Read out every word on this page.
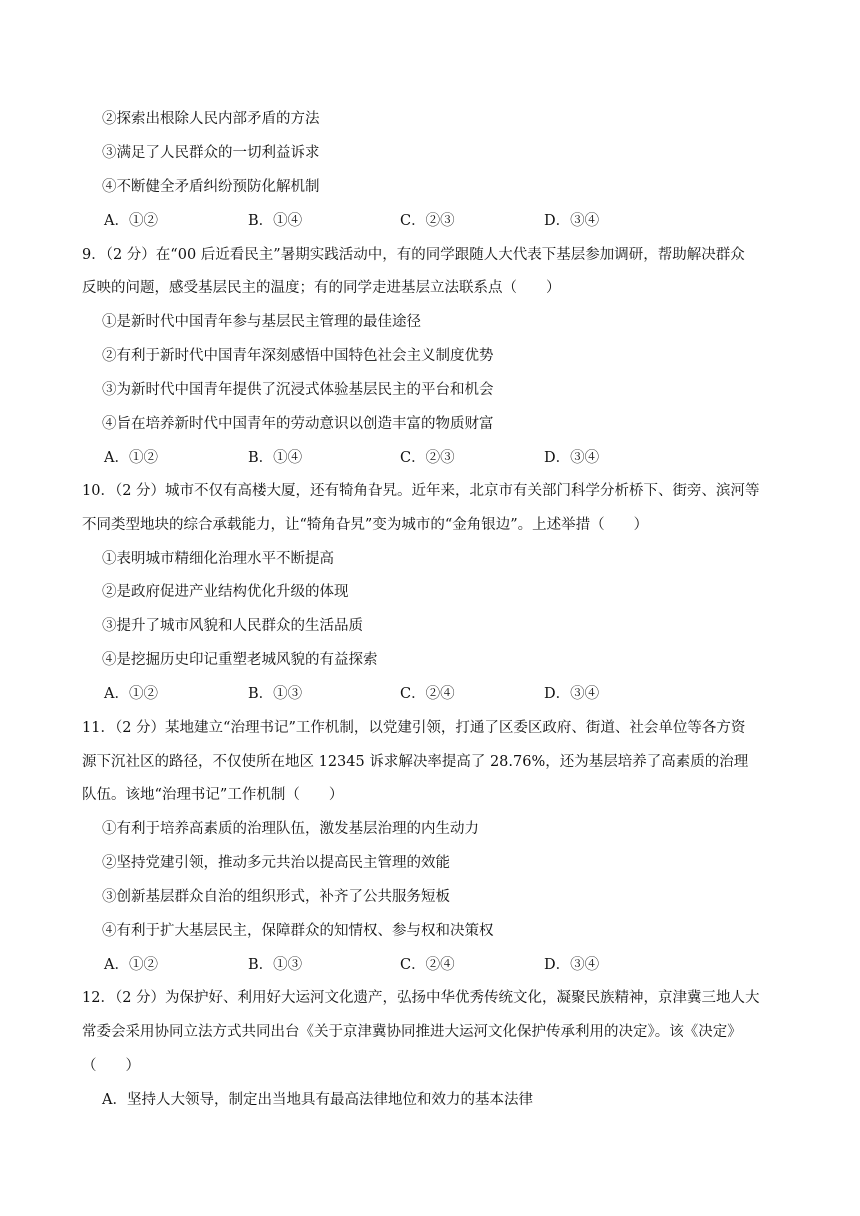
②探索出根除人民内部矛盾的方法
③满足了人民群众的一切利益诉求
④不断健全矛盾纠纷预防化解机制
A．①②	B．①④	C．②③	D．③④
9．（2 分）在“00 后近看民主”暑期实践活动中，有的同学跟随人大代表下基层参加调研，帮助解决群众
反映的问题，感受基层民主的温度；有的同学走进基层立法联系点（　　）
①是新时代中国青年参与基层民主管理的最佳途径
②有利于新时代中国青年深刻感悟中国特色社会主义制度优势
③为新时代中国青年提供了沉浸式体验基层民主的平台和机会
④旨在培养新时代中国青年的劳动意识以创造丰富的物质财富
A．①②	B．①④	C．②③	D．③④
10．（2 分）城市不仅有高楼大厦，还有犄角旮旯。近年来，北京市有关部门科学分析桥下、街旁、滨河等
不同类型地块的综合承载能力，让“犄角旮旯”变为城市的“金角银边”。上述举措（　　）
①表明城市精细化治理水平不断提高
②是政府促进产业结构优化升级的体现
③提升了城市风貌和人民群众的生活品质
④是挖掘历史印记重塑老城风貌的有益探索
A．①②	B．①③	C．②④	D．③④
11．（2 分）某地建立“治理书记”工作机制，以党建引领，打通了区委区政府、街道、社会单位等各方资
源下沉社区的路径，不仅使所在地区 12345 诉求解决率提高了 28.76%，还为基层培养了高素质的治理
队伍。该地“治理书记”工作机制（　　）
①有利于培养高素质的治理队伍，激发基层治理的内生动力
②坚持党建引领，推动多元共治以提高民主管理的效能
③创新基层群众自治的组织形式，补齐了公共服务短板
④有利于扩大基层民主，保障群众的知情权、参与权和决策权
A．①②	B．①③	C．②④	D．③④
12．（2 分）为保护好、利用好大运河文化遗产，弘扬中华优秀传统文化，凝聚民族精神，京津冀三地人大
常委会采用协同立法方式共同出台《关于京津冀协同推进大运河文化保护传承利用的决定》。该《决定》
（　　）
A．坚持人大领导，制定出当地具有最高法律地位和效力的基本法律
